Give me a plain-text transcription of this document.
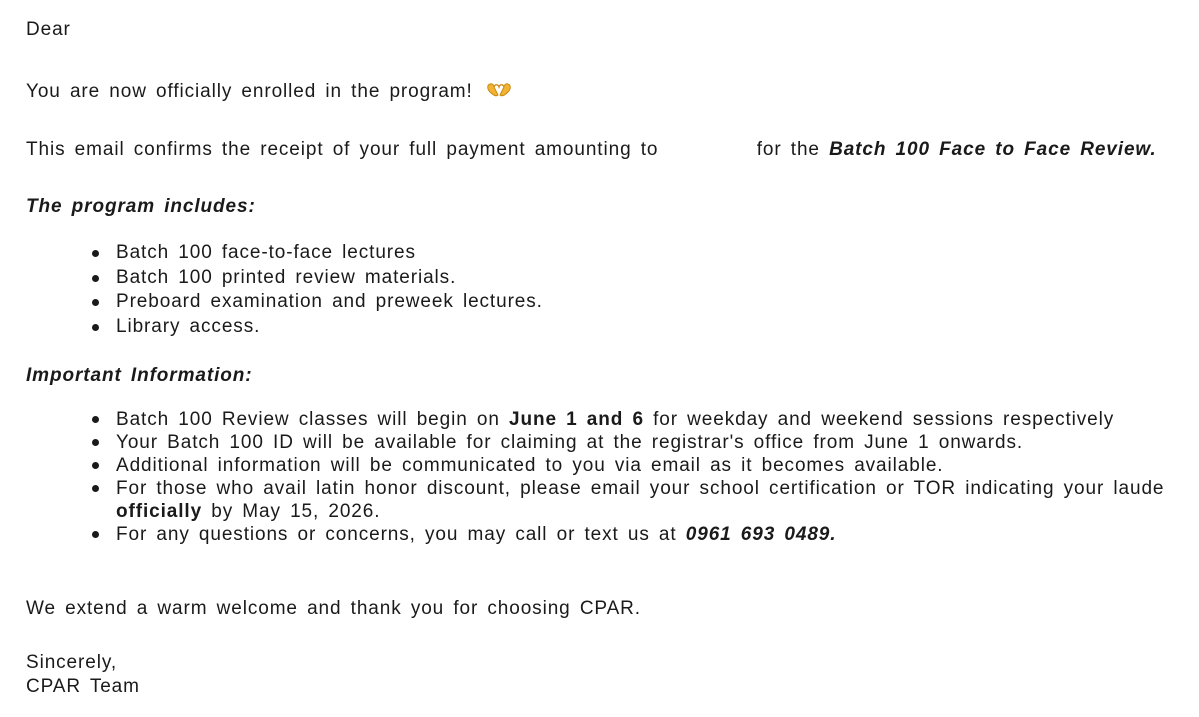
Dear
You are now officially enrolled in the program!
This email confirms the receipt of your full payment amounting to	for the Batch 100 Face to Face Review.
The program includes:
Batch 100 face-to-face lectures
Batch 100 printed review materials.
Preboard examination and preweek lectures.
Library access.
Important Information:
Batch 100 Review classes will begin on June 1 and 6 for weekday and weekend sessions respectively
Your Batch 100 ID will be available for claiming at the registrar's office from June 1 onwards.
Additional information will be communicated to you via email as it becomes available.
For those who avail latin honor discount, please email your school certification or TOR indicating your laude officially by May 15, 2026.
For any questions or concerns, you may call or text us at 0961 693 0489.
We extend a warm welcome and thank you for choosing CPAR.
Sincerely,
CPAR Team
